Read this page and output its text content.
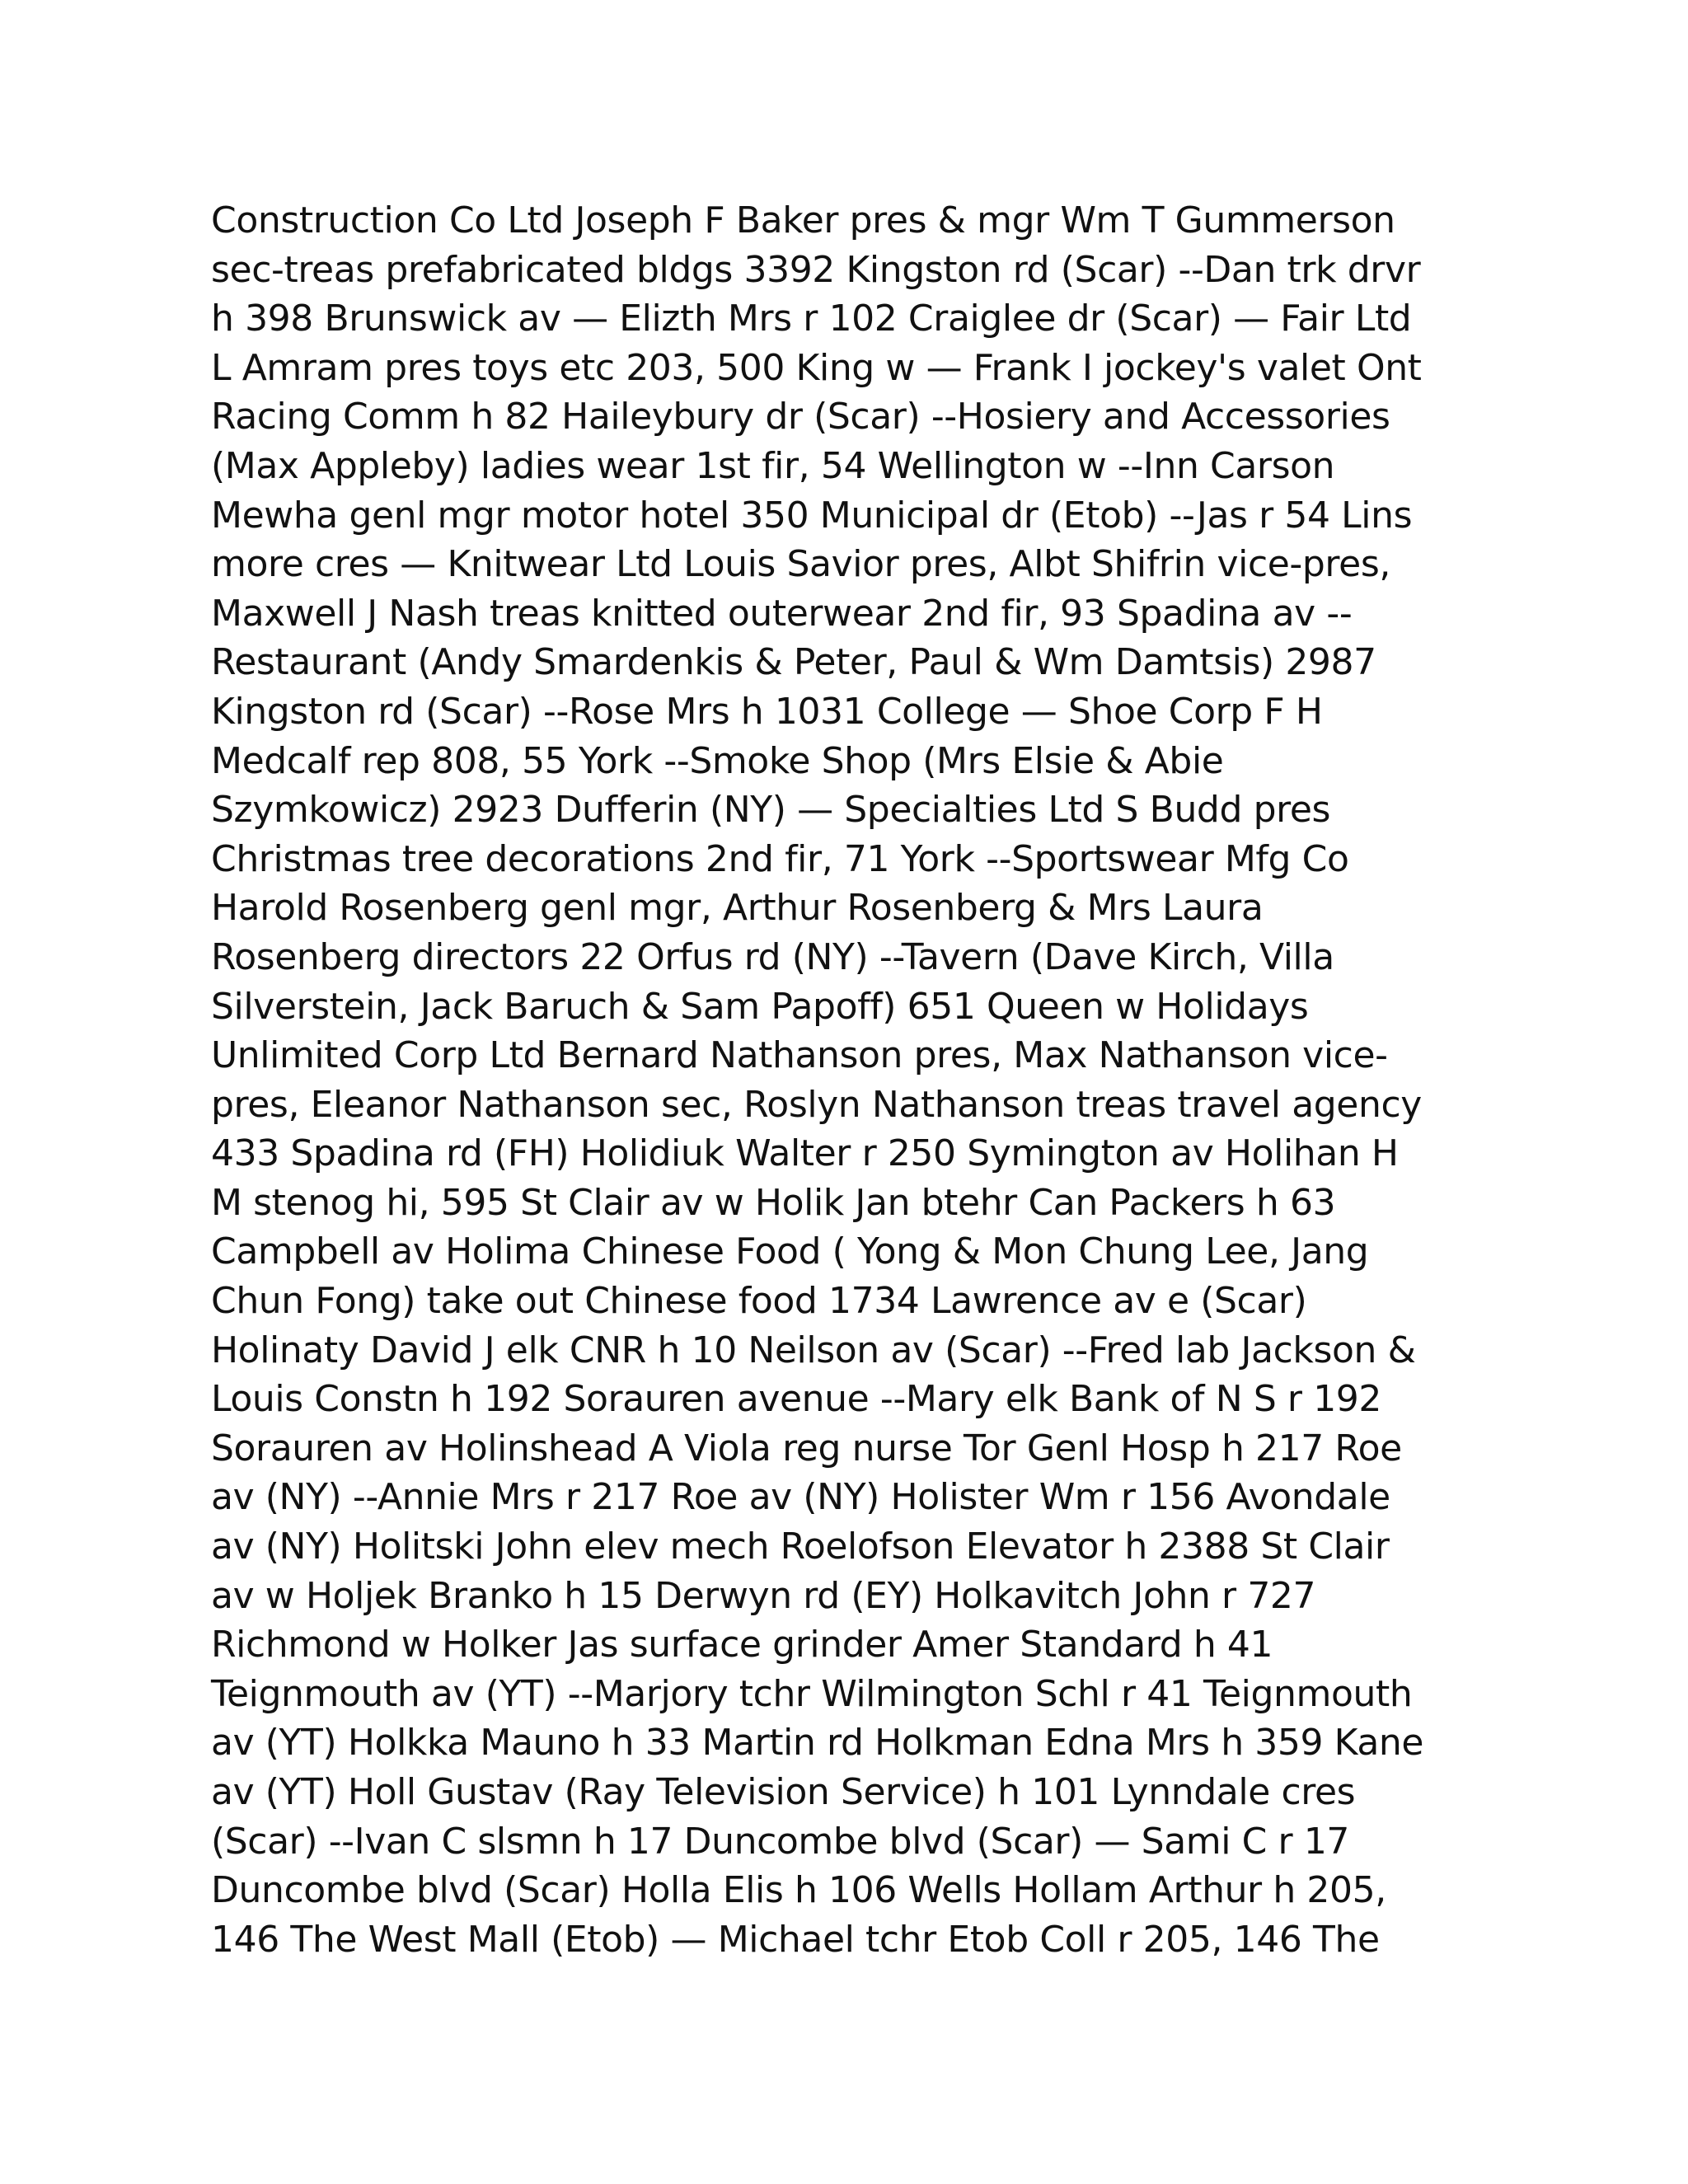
Construction Co Ltd Joseph F Baker pres & mgr Wm T Gummerson
sec-treas prefabricated bldgs 3392 Kingston rd (Scar) --Dan trk drvr
h 398 Brunswick av — Elizth Mrs r 102 Craiglee dr (Scar) — Fair Ltd
L Amram pres toys etc 203, 500 King w — Frank I jockey's valet Ont
Racing Comm h 82 Haileybury dr (Scar) --Hosiery and Accessories
(Max Appleby) ladies wear 1st fir, 54 Wellington w --Inn Carson
Mewha genl mgr motor hotel 350 Municipal dr (Etob) --Jas r 54 Lins
more cres — Knitwear Ltd Louis Savior pres, Albt Shifrin vice-pres,
Maxwell J Nash treas knitted outerwear 2nd fir, 93 Spadina av --
Restaurant (Andy Smardenkis & Peter, Paul & Wm Damtsis) 2987
Kingston rd (Scar) --Rose Mrs h 1031 College — Shoe Corp F H
Medcalf rep 808, 55 York --Smoke Shop (Mrs Elsie & Abie
Szymkowicz) 2923 Dufferin (NY) — Specialties Ltd S Budd pres
Christmas tree decorations 2nd fir, 71 York --Sportswear Mfg Co
Harold Rosenberg genl mgr, Arthur Rosenberg & Mrs Laura
Rosenberg directors 22 Orfus rd (NY) --Tavern (Dave Kirch, Villa
Silverstein, Jack Baruch & Sam Papoff) 651 Queen w Holidays
Unlimited Corp Ltd Bernard Nathanson pres, Max Nathanson vice-
pres, Eleanor Nathanson sec, Roslyn Nathanson treas travel agency
433 Spadina rd (FH) Holidiuk Walter r 250 Symington av Holihan H
M stenog hi, 595 St Clair av w Holik Jan btehr Can Packers h 63
Campbell av Holima Chinese Food ( Yong & Mon Chung Lee, Jang
Chun Fong) take out Chinese food 1734 Lawrence av e (Scar)
Holinaty David J elk CNR h 10 Neilson av (Scar) --Fred lab Jackson &
Louis Constn h 192 Sorauren avenue --Mary elk Bank of N S r 192
Sorauren av Holinshead A Viola reg nurse Tor Genl Hosp h 217 Roe
av (NY) --Annie Mrs r 217 Roe av (NY) Holister Wm r 156 Avondale
av (NY) Holitski John elev mech Roelofson Elevator h 2388 St Clair
av w Holjek Branko h 15 Derwyn rd (EY) Holkavitch John r 727
Richmond w Holker Jas surface grinder Amer Standard h 41
Teignmouth av (YT) --Marjory tchr Wilmington Schl r 41 Teignmouth
av (YT) Holkka Mauno h 33 Martin rd Holkman Edna Mrs h 359 Kane
av (YT) Holl Gustav (Ray Television Service) h 101 Lynndale cres
(Scar) --Ivan C slsmn h 17 Duncombe blvd (Scar) — Sami C r 17
Duncombe blvd (Scar) Holla Elis h 106 Wells Hollam Arthur h 205,
146 The West Mall (Etob) — Michael tchr Etob Coll r 205, 146 The
